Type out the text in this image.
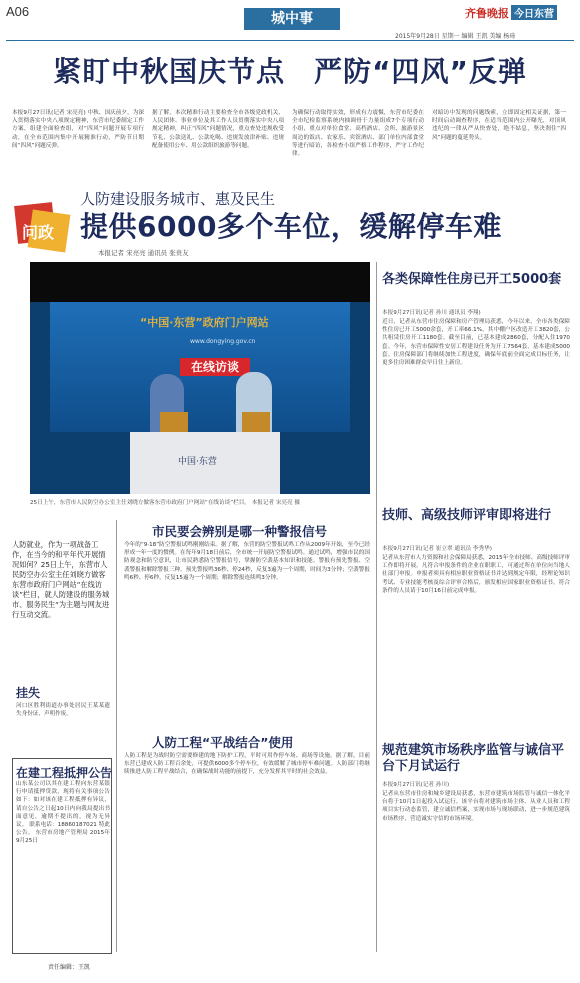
A06	城中事	齐鲁晚报 今日东营
2015年9月28日 星期一 编辑 王凯 美编 杨琦
紧盯中秋国庆节点　严防“四风”反弹
本报9月27日讯(记者 宋亮亮) 中秋、国庆前夕，为深入贯彻落实中央八项规定精神，东营市纪委制定工作方案，组建全面检查组，对“四风”问题开展专项行动，在全市范围内集中开展精准行动，严防节日期间“四风”问题反弹。
据了解，本次精准行动主要检查全市各级党政机关、人民团体、事业单位及其工作人员贯彻落实中央八项规定精神，纠正“四风”问题情况，重点查处违规收受节礼、公款送礼、公款吃喝、违规发放津补贴、违规配备使用公车、用公款组织旅游等问题。
为确保行动取得实效，形成有力震慑，东营市纪委在全市纪检监察系统内抽调骨干力量组成7个专项行动小组，重点对单位食堂、高档酒店、会所、旅游景区周边的饭店、农家乐、宾馆酒店、部门单位内部食堂等进行暗访，各检查小组严格工作程序，严守工作纪律。
对暗访中发现的问题线索，立即固定相关证据，第一时间启动调查程序，在适当范围内公开曝光，对顶风违纪的一律从严从快查处，绝不姑息，坚决刹住“四风”问题的蔓延势头。
问政
人防建设服务城市、惠及民生
提供6000多个车位，缓解停车难
本报记者 宋亮亮 通讯员 张贵友
“中国·东营”政府门户网站
www.dongying.gov.cn
在线访谈
中国·东营
25日上午，东营市人民防空办公室主任刘晓方做客东营市政府门户网站“在线访谈”栏目。 本报记者 宋亮亮 摄
人防就业，作为一项战备工作，在当今的和平年代开展情况如何？25日上午，东营市人民防空办公室主任刘晓方做客东营市政府门户网站“在线访谈”栏目，就人防建设的服务城市、服务民生“为主题与网友进行互动交流。
市民要会辨别是哪一种警报信号
今年的“9·18”防空警报试鸣刚刚结束。据了解，东营的防空警报试鸣工作从2009年开始，至今已经形成一年一度的惯例。在每年9月18日前后，全市统一开展防空警报试鸣。通过试鸣，增强市民的国防观念和防空意识，让市民熟悉防空警报信号，掌握防空袭基本知识和技能。警报有预先警报、空袭警报和解除警报三种。预先警报鸣36秒、停24秒，反复3遍为一个周期，时间为3分钟；空袭警报鸣6秒、停6秒，反复15遍为一个周期；解除警报连续鸣3分钟。
人防工程“平战结合”使用
人防工程是为战时防空需要修建的地下防护工程，平时可用作停车场、商场等设施。据了解，目前东营已建成人防工程百余处，可提供6000多个停车位，有效缓解了城市停车难问题。人防部门将继续推进人防工程平战结合，在确保战时功能的前提下，充分发挥其平时的社会效益。
挂失
河口区胜利街道办事处居民王某某遗失身份证，声明作废。
在建工程抵押公告
山东某公司以其在建工程向东营某银行申请抵押贷款，现将有关事项公告如下：如对该在建工程抵押有异议，请自公告之日起10日内向我局提出书面意见，逾期不提出的，视为无异议。 联系电话：18860187021 特此公告。 东营市房地产管理局 2015年9月25日
各类保障性住房已开工5000套
本报9月27日讯(记者 孙川 通讯员 李翔)
近日，记者从东营市住房保障和房产管理局获悉，今年以来，全市各类保障性住房已开工5000余套，开工率66.1%，其中棚户区改造开工3820套，公共租赁住房开工1180套。截至目前，已基本建成2860套，分配入住1970套。今年，东营市保障性安居工程建设任务为开工7564套，基本建成5000套。住房保障部门将继续加快工程进度，确保年底前全面完成目标任务，让更多住房困难群众早日住上新房。
技师、高级技师评审即将进行
本报9月27日讯(记者 崔立翠 通讯员 李秀华)
记者从东营市人力资源和社会保障局获悉，2015年全市技师、高级技师评审工作即将开展。凡符合申报条件的企业在职职工，可通过所在单位向当地人社部门申报。申报者须具有相应职业资格证书并达到规定年限，经理论知识考试、专业技能考核及综合评审合格后，颁发相应国家职业资格证书。符合条件的人员请于10月16日前完成申报。
规范建筑市场秩序监管与诚信平台下月试运行
本报9月27日讯(记者 孙川)
记者从东营市住房和城乡建设局获悉，东营市建筑市场监管与诚信一体化平台将于10月1日起投入试运行。该平台将对建筑市场主体、从业人员和工程项目实行动态监管，建立诚信档案，实现市场与现场联动，进一步规范建筑市场秩序，营造诚实守信的市场环境。
责任编辑：王凯
